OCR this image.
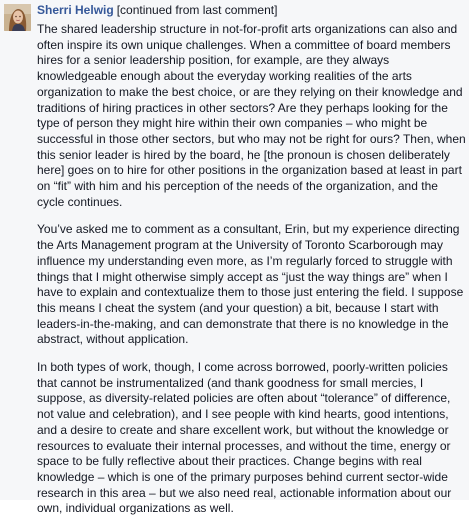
Sherri Helwig [continued from last comment]

The shared leadership structure in not-for-profit arts organizations can also and often inspire its own unique challenges. When a committee of board members hires for a senior leadership position, for example, are they always knowledgeable enough about the everyday working realities of the arts organization to make the best choice, or are they relying on their knowledge and traditions of hiring practices in other sectors? Are they perhaps looking for the type of person they might hire within their own companies – who might be successful in those other sectors, but who may not be right for ours? Then, when this senior leader is hired by the board, he [the pronoun is chosen deliberately here] goes on to hire for other positions in the organization based at least in part on “fit” with him and his perception of the needs of the organization, and the cycle continues.

You’ve asked me to comment as a consultant, Erin, but my experience directing the Arts Management program at the University of Toronto Scarborough may influence my understanding even more, as I’m regularly forced to struggle with things that I might otherwise simply accept as “just the way things are” when I have to explain and contextualize them to those just entering the field. I suppose this means I cheat the system (and your question) a bit, because I start with leaders-in-the-making, and can demonstrate that there is no knowledge in the abstract, without application.

In both types of work, though, I come across borrowed, poorly-written policies that cannot be instrumentalized (and thank goodness for small mercies, I suppose, as diversity-related policies are often about “tolerance” of difference, not value and celebration), and I see people with kind hearts, good intentions, and a desire to create and share excellent work, but without the knowledge or resources to evaluate their internal processes, and without the time, energy or space to be fully reflective about their practices. Change begins with real knowledge – which is one of the primary purposes behind current sector-wide research in this area – but we also need real, actionable information about our own, individual organizations as well.
